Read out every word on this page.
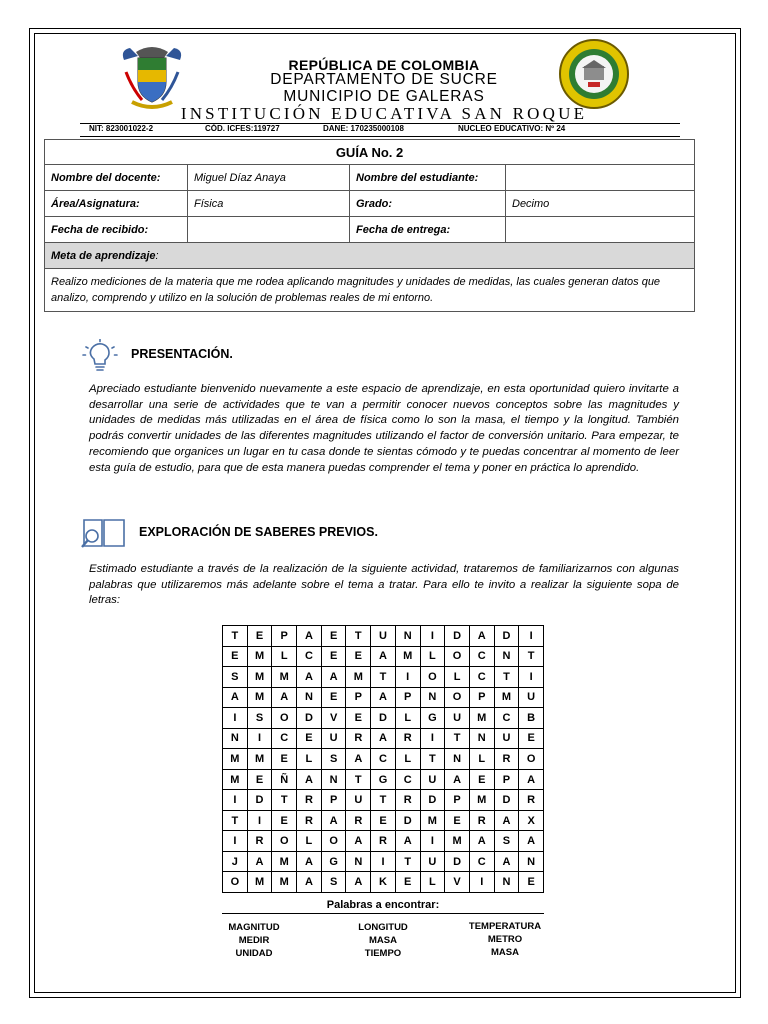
REPÚBLICA DE COLOMBIA
DEPARTAMENTO DE SUCRE
MUNICIPIO DE GALERAS
INSTITUCIÓN EDUCATIVA SAN ROQUE
NIT: 823001022-2	CÓD. ICFES:119727	DANE: 170235000108	NUCLEO EDUCATIVO: Nº 24
GUÍA No. 2			
Nombre del docente:	Miguel Díaz Anaya	Nombre del estudiante:	
Área/Asignatura:	Física	Grado:	Decimo
Fecha de recibido:		Fecha de entrega:	
Meta de aprendizaje:			
Realizo mediciones de la materia que me rodea aplicando magnitudes y unidades de medidas, las cuales generan datos que analizo, comprendo y utilizo en la solución de problemas reales de mi entorno.			
PRESENTACIÓN.
Apreciado estudiante bienvenido nuevamente a este espacio de aprendizaje, en esta oportunidad quiero invitarte a desarrollar una serie de actividades que te van a permitir conocer nuevos conceptos sobre las magnitudes y unidades de medidas más utilizadas en el área de física como lo son la masa, el tiempo y la longitud. También podrás convertir unidades de las diferentes magnitudes utilizando el factor de conversión unitario. Para empezar, te recomiendo que organices un lugar en tu casa donde te sientas cómodo y te puedas concentrar al momento de leer esta guía de estudio, para que de esta manera puedas comprender el tema y poner en práctica lo aprendido.
EXPLORACIÓN DE SABERES PREVIOS.
Estimado estudiante a través de la realización de la siguiente actividad, trataremos de familiarizarnos con algunas palabras que utilizaremos más adelante sobre el tema a tratar. Para ello te invito a realizar la siguiente sopa de letras:
T	E	P	A	E	T	U	N	I	D	A	D	I
E	M	L	C	E	E	A	M	L	O	C	N	T
S	M	M	A	A	M	T	I	O	L	C	T	I
A	M	A	N	E	P	A	P	N	O	P	M	U
I	S	O	D	V	E	D	L	G	U	M	C	B
N	I	C	E	U	R	A	R	I	T	N	U	E
M	M	E	L	S	A	C	L	T	N	L	R	O
M	E	Ñ	A	N	T	G	C	U	A	E	P	A
I	D	T	R	P	U	T	R	D	P	M	D	R
T	I	E	R	A	R	E	D	M	E	R	A	X
I	R	O	L	O	A	R	A	I	M	A	S	A
J	A	M	A	G	N	I	T	U	D	C	A	N
O	M	M	A	S	A	K	E	L	V	I	N	E
Palabras a encontrar:
MAGNITUD
MEDIR
UNIDAD
LONGITUD
MASA
TIEMPO
TEMPERATURA
METRO
MASA
